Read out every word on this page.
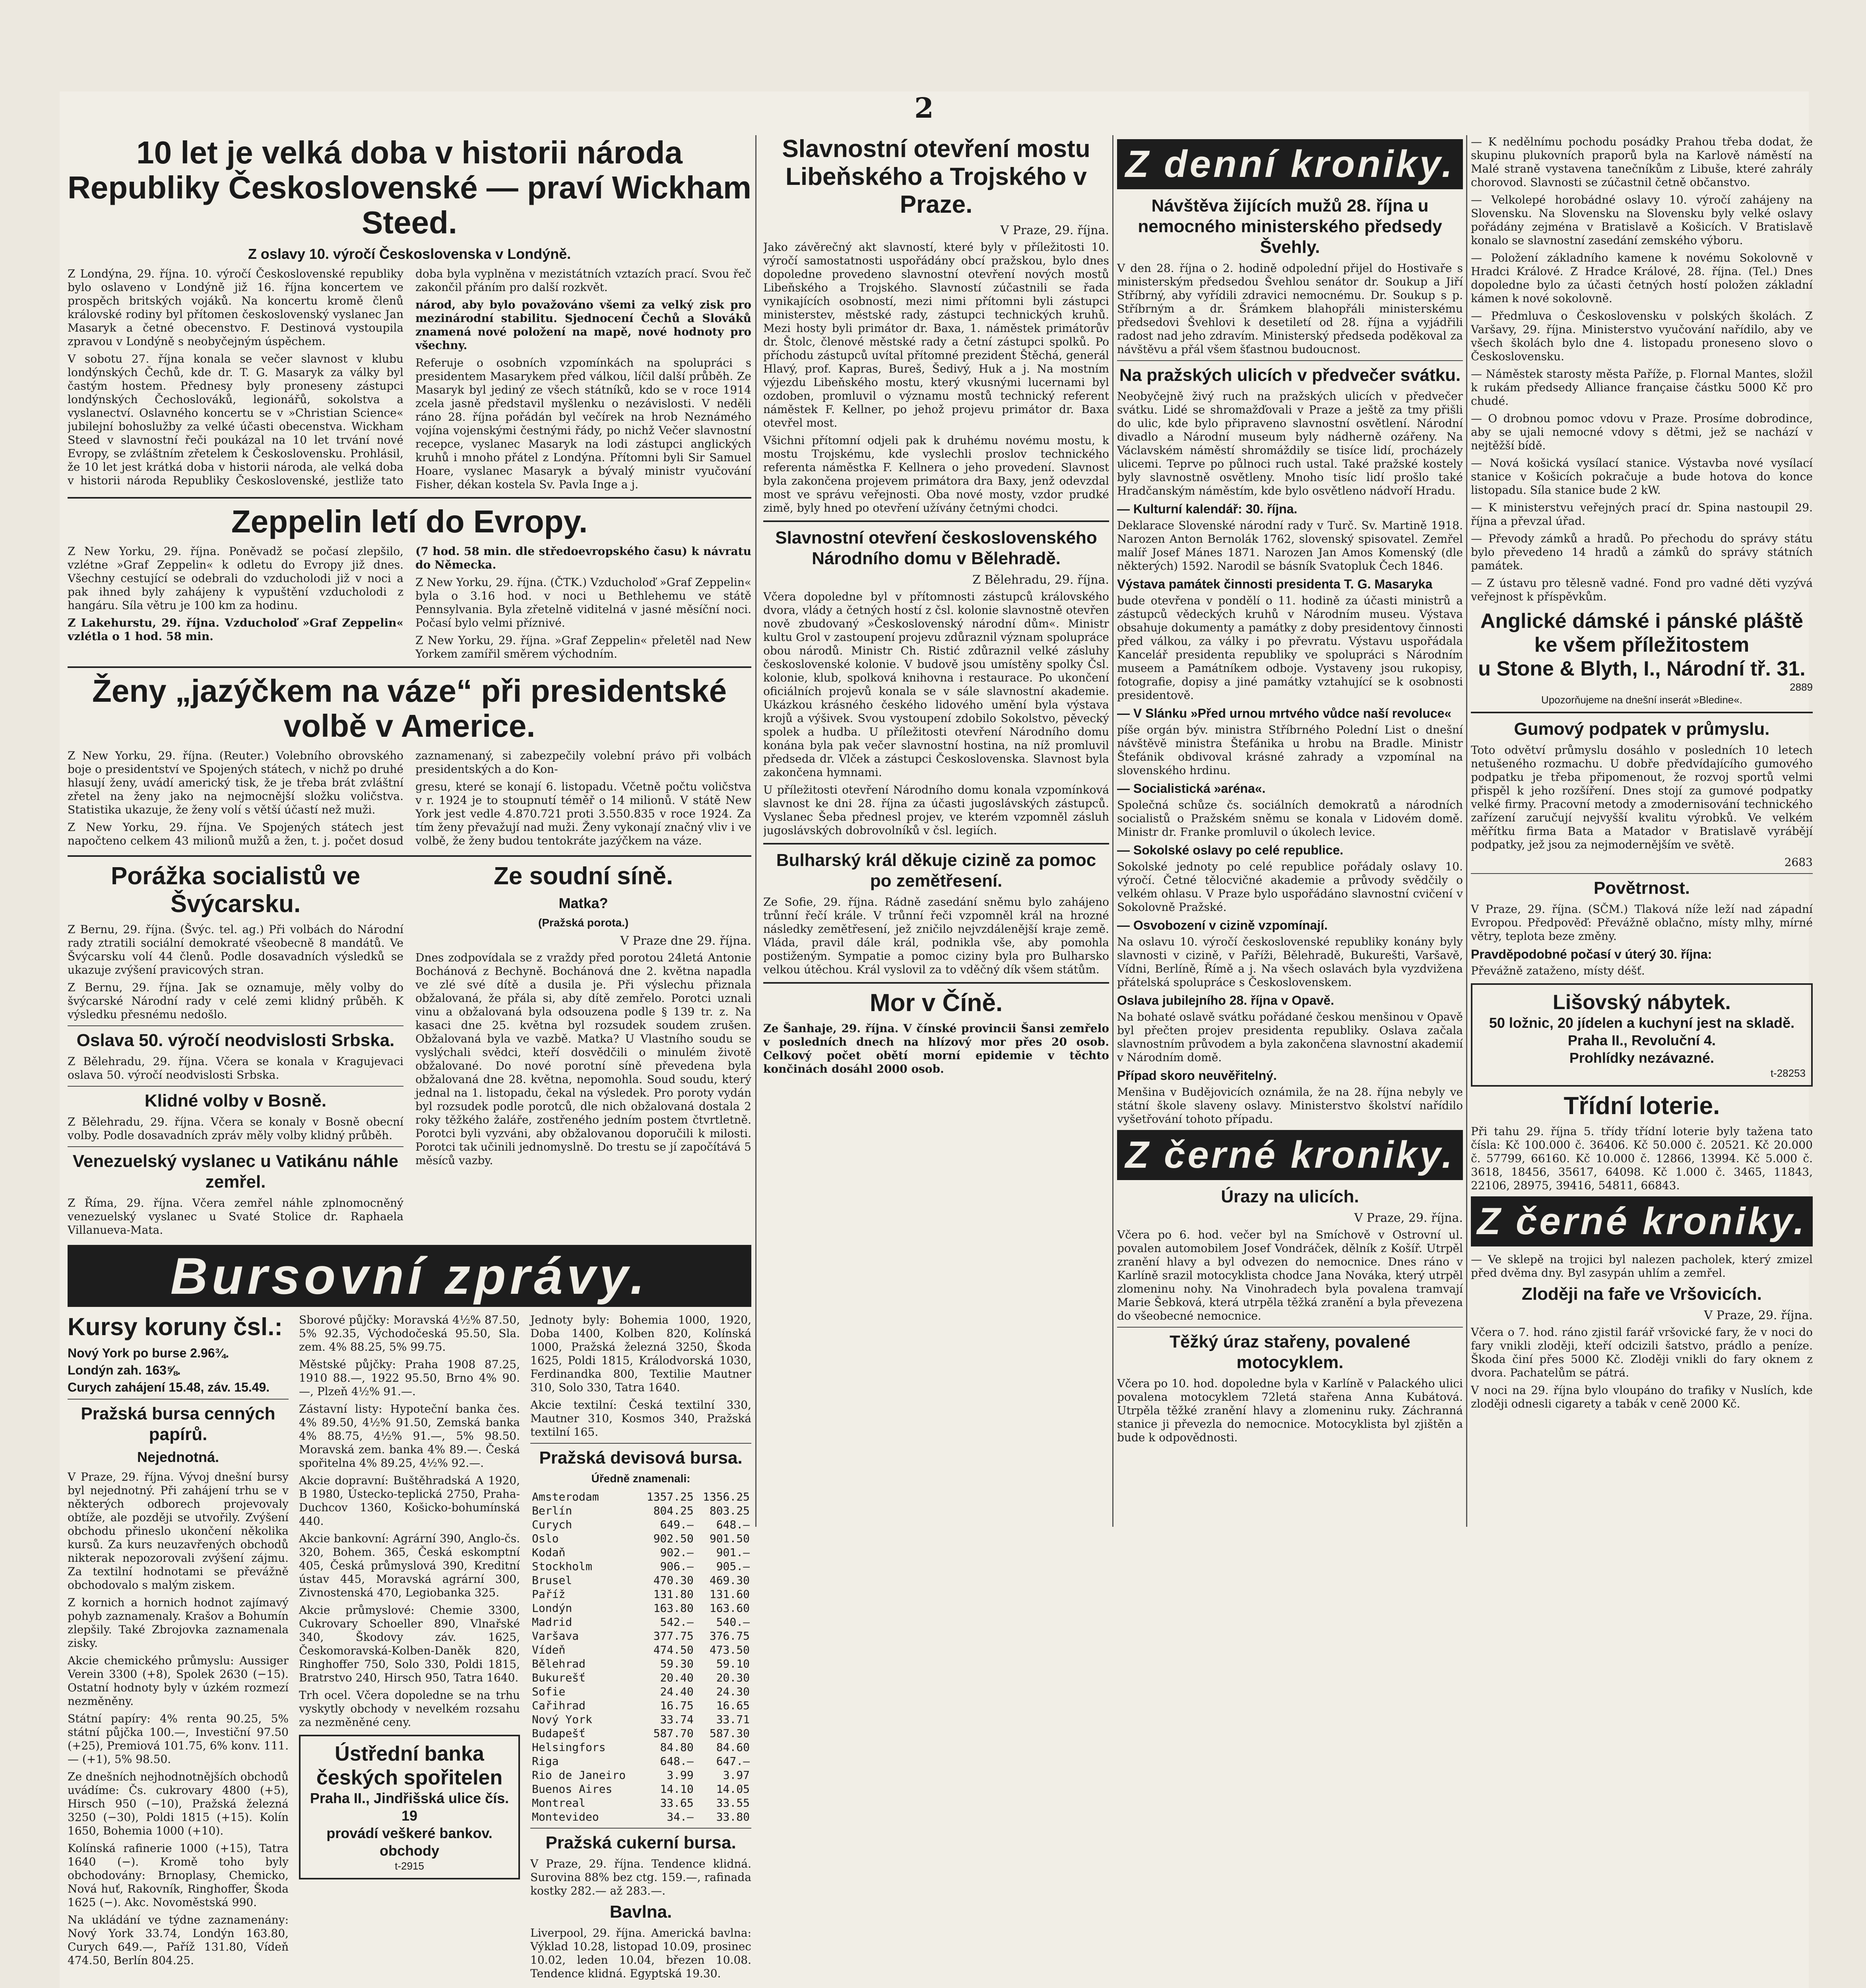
2
10 let je velká doba v historii národa Republiky Československé — praví Wickham Steed.
Z oslavy 10. výročí Československa v Londýně.

Z Londýna, 29. října. 10. výročí Československé republiky bylo oslaveno v Londýně již 16. října koncertem ve prospěch britských vojáků. Na koncertu kromě členů královské rodiny byl přítomen československý vyslanec Jan Masaryk a četné obecenstvo. F. Destinová vystoupila zpravou v Londýně s neobyčejným úspěchem.

V sobotu 27. října konala se večer slavnost v klubu londýnských Čechů, kde dr. T. G. Masaryk za války byl častým hostem. Přednesy byly proneseny zástupci londýnských Čechoslováků, legionářů, sokolstva a vyslanectví. Oslavného koncertu se v »Christian Science« jubilejní bohoslužby za velké účasti obecenstva. Wickham Steed v slavnostní řeči poukázal na 10 let trvání nové Evropy, se zvláštním zřetelem k Československu. Prohlásil, že 10 let jest krátká doba v historii národa, ale velká doba v historii národa Republiky Československé, jestliže tato doba byla vyplněna v mezistátních vztazích prací. Svou řeč zakončil přáním pro další rozkvět.

národ, aby bylo považováno všemi za velký zisk pro mezinárodní stabilitu. Sjednocení Čechů a Slováků znamená nové položení na mapě, nové hodnoty pro všechny.

Referuje o osobních vzpomínkách na spolupráci s presidentem Masarykem před válkou, líčil další průběh. Ze Masaryk byl jediný ze všech státníků, kdo se v roce 1914 zcela jasně představil myšlenku o nezávislosti. V neděli ráno 28. října pořádán byl večírek na hrob Neznámého vojína vojenskými čestnými řády, po nichž Večer slavnostní recepce, vyslanec Masaryk na lodi zástupci anglických kruhů i mnoho přátel z Londýna. Přítomni byli Sir Samuel Hoare, vyslanec Masaryk a bývalý ministr vyučování Fisher, dékan kostela Sv. Pavla Inge a j.

Zeppelin letí do Evropy.

Z New Yorku, 29. října. Poněvadž se počasí zlepšilo, vzlétne »Graf Zeppelin« k odletu do Evropy již dnes. Všechny cestující se odebrali do vzducholodi již v noci a pak ihned byly zahájeny k vypuštění vzducholodi z hangáru. Síla větru je 100 km za hodinu.

Z Lakehurstu, 29. října. Vzducholoď »Graf Zeppelin« vzlétla o 1 hod. 58 min.

(7 hod. 58 min. dle středoevropského času) k návratu do Německa.

Z New Yorku, 29. října. (ČTK.) Vzducholoď »Graf Zeppelin« byla o 3.16 hod. v noci u Bethlehemu ve státě Pennsylvania. Byla zřetelně viditelná v jasné měsíční noci. Počasí bylo velmi příznivé.

Z New Yorku, 29. října. »Graf Zeppelin« přeletěl nad New Yorkem zamířil směrem východním.

Ženy „jazýčkem na váze“ při presidentské volbě v Americe.

Z New Yorku, 29. října. (Reuter.) Volebního obrovského boje o presidentství ve Spojených státech, v nichž po druhé hlasují ženy, uvádí americký tisk, že je třeba brát zvláštní zřetel na ženy jako na nejmocnější složku voličstva. Statistika ukazuje, že ženy volí s větší účastí než muži.

Z New Yorku, 29. října. Ve Spojených státech jest napočteno celkem 43 milionů mužů a žen, t. j. počet dosud zaznamenaný, si zabezpečily volební právo při volbách presidentských a do Kon-

gresu, které se konají 6. listopadu. Včetně počtu voličstva v r. 1924 je to stoupnutí téměř o 14 milionů. V státě New York jest vedle 4.870.721 proti 3.550.835 v roce 1924. Za tím ženy převažují nad muži. Ženy vykonají značný vliv i ve volbě, že ženy budou tentokráte jazýčkem na váze.

Porážka socialistů ve Švýcarsku.

Z Bernu, 29. října. (Švýc. tel. ag.) Při volbách do Národní rady ztratili sociální demokraté všeobecně 8 mandátů. Ve Švýcarsku volí 44 členů. Podle dosavadních výsledků se ukazuje zvýšení pravicových stran.

Z Bernu, 29. října. Jak se oznamuje, měly volby do švýcarské Národní rady v celé zemi klidný průběh. K výsledku přesnému nedošlo.

Oslava 50. výročí neodvislosti Srbska.

Z Bělehradu, 29. října. Včera se konala v Kragujevaci oslava 50. výročí neodvislosti Srbska.

Klidné volby v Bosně.

Z Bělehradu, 29. října. Včera se konaly v Bosně obecní volby. Podle dosavadních zpráv měly volby klidný průběh.

Venezuelský vyslanec u Vatikánu náhle zemřel.

Z Říma, 29. října. Včera zemřel náhle zplnomocněný venezuelský vyslanec u Svaté Stolice dr. Raphaela Villanueva-Mata.

Ze soudní síně.
Matka?
(Pražská porota.)
V Praze dne 29. října.

Dnes zodpovídala se z vraždy před porotou 24letá Antonie Bochánová z Bechyně. Bochánová dne 2. května napadla ve zlé své dítě a dusila je. Při výslechu přiznala obžalovaná, že přála si, aby dítě zemřelo. Porotci uznali vinu a obžalovaná byla odsouzena podle § 139 tr. z. Na kasaci dne 25. května byl rozsudek soudem zrušen. Obžalovaná byla ve vazbě. Matka? U Vlastního soudu se vyslýchali svědci, kteří dosvědčili o minulém životě obžalované. Do nové porotní síně převedena byla obžalovaná dne 28. května, nepomohla. Soud soudu, který jednal na 1. listopadu, čekal na výsledek. Pro poroty vydán byl rozsudek podle porotců, dle nich obžalovaná dostala 2 roky těžkého žaláře, zostřeného jedním postem čtvrtletně. Porotci byli vyzváni, aby obžalovanou doporučili k milosti. Porotci tak učinili jednomyslně. Do trestu se jí započítává 5 měsíců vazby.

Bursovní zprávy.
Kursy koruny čsl.:
Nový York po burse 2.96¾.
Londýn zah. 163⅝.
Curych zahájení 15.48, záv. 15.49.
Pražská bursa cenných papírů.
Nejednotná.

V Praze, 29. října. Vývoj dnešní bursy byl nejednotný. Při zahájení trhu se v některých odborech projevovaly obtíže, ale později se utvořily. Zvýšení obchodu přineslo ukončení několika kursů. Za kurs neuzavřených obchodů nikterak nepozorovali zvýšení zájmu. Za textilní hodnotami se převážně obchodovalo s malým ziskem.

Z kornich a hornich hodnot zajímavý pohyb zaznamenaly. Krašov a Bohumín zlepšily. Také Zbrojovka zaznamenala zisky.

Akcie chemického průmyslu: Aussiger Verein 3300 (+8), Spolek 2630 (−15). Ostatní hodnoty byly v úzkém rozmezí nezměněny.

Státní papíry: 4% renta 90.25, 5% státní půjčka 100.—, Investiční 97.50 (+25), Premiová 101.75, 6% konv. 111.— (+1), 5% 98.50.

Ze dnešních nejhodnotnějších obchodů uvádíme: Čs. cukrovary 4800 (+5), Hirsch 950 (−10), Pražská železná 3250 (−30), Poldi 1815 (+15). Kolín 1650, Bohemia 1000 (+10).

Kolínská rafinerie 1000 (+15), Tatra 1640 (−). Kromě toho byly obchodovány: Brnoplasy, Chemicko, Nová huť, Rakovník, Ringhoffer, Škoda 1625 (−). Akc. Novoměstská 990.

Na ukládání ve týdne zaznamenány: Nový York 33.74, Londýn 163.80, Curych 649.—, Paříž 131.80, Vídeň 474.50, Berlín 804.25.

Sborové půjčky: Moravská 4½% 87.50, 5% 92.35, Východočeská 95.50, Sla. zem. 4% 88.25, 5% 99.75.

Městské půjčky: Praha 1908 87.25, 1910 88.—, 1922 95.50, Brno 4% 90.—, Plzeň 4½% 91.—.

Zástavní listy: Hypoteční banka čes. 4% 89.50, 4½% 91.50, Zemská banka 4% 88.75, 4½% 91.—, 5% 98.50. Moravská zem. banka 4% 89.—. Česká spořitelna 4% 89.25, 4½% 92.—.

Akcie dopravní: Buštěhradská A 1920, B 1980, Ústecko-teplická 2750, Praha-Duchcov 1360, Košicko-bohumínská 440.

Akcie bankovní: Agrární 390, Anglo-čs. 320, Bohem. 365, Česká eskomptní 405, Česká průmyslová 390, Kreditní ústav 445, Moravská agrární 300, Zivnostenská 470, Legiobanka 325.

Akcie průmyslové: Chemie 3300, Cukrovary Schoeller 890, Vlnařské 340, Škodovy záv. 1625, Českomoravská-Kolben-Daněk 820, Ringhoffer 750, Solo 330, Poldi 1815, Bratrstvo 240, Hirsch 950, Tatra 1640.

Trh ocel. Včera dopoledne se na trhu vyskytly obchody v nevelkém rozsahu za nezměněné ceny.

Ústřední banka českých spořitelen
Praha II., Jindřišská ulice čís. 19
provádí veškeré bankov. obchody
t-2915

Jednoty byly: Bohemia 1000, 1920, Doba 1400, Kolben 820, Kolínská 1000, Pražská železná 3250, Škoda 1625, Poldi 1815, Králodvorská 1030, Ferdinandka 800, Textilie Mautner 310, Solo 330, Tatra 1640.

Akcie textilní: Česká textilní 330, Mautner 310, Kosmos 340, Pražská textilní 165.

Pražská devisová bursa.
Úředně znamenali:
Amsterodam	1357.25	1356.25
Berlín	804.25	803.25
Curych	649.—	648.—
Oslo	902.50	901.50
Kodaň	902.—	901.—
Stockholm	906.—	905.—
Brusel	470.30	469.30
Paříž	131.80	131.60
Londýn	163.80	163.60
Madrid	542.—	540.—
Varšava	377.75	376.75
Vídeň	474.50	473.50
Bělehrad	59.30	59.10
Bukurešť	20.40	20.30
Sofie	24.40	24.30
Cařihrad	16.75	16.65
Nový York	33.74	33.71
Budapešť	587.70	587.30
Helsingfors	84.80	84.60
Riga	648.—	647.—
Rio de Janeiro	3.99	3.97
Buenos Aires	14.10	14.05
Montreal	33.65	33.55
Montevideo	34.—	33.80
Pražská cukerní bursa.

V Praze, 29. října. Tendence klidná. Surovina 88% bez ctg. 159.—, rafinada kostky 282.— až 283.—.

Bavlna.

Liverpool, 29. října. Americká bavlna: Výklad 10.28, listopad 10.09, prosinec 10.02, leden 10.04, březen 10.08. Tendence klidná. Egyptská 19.30.

Slavnostní otevření mostu Libeňského a Trojského v Praze.
V Praze, 29. října.

Jako závěrečný akt slavností, které byly v příležitosti 10. výročí samostatnosti uspořádány obcí pražskou, bylo dnes dopoledne provedeno slavnostní otevření nových mostů Libeňského a Trojského. Slavností zúčastnili se řada vynikajících osobností, mezi nimi přítomni byli zástupci ministerstev, městské rady, zástupci technických kruhů. Mezi hosty byli primátor dr. Baxa, 1. náměstek primátorův dr. Štolc, členové městské rady a četní zástupci spolků. Po příchodu zástupců uvítal přítomné prezident Štěchá, generál Hlavý, prof. Kapras, Bureš, Šedivý, Huk a j. Na mostním výjezdu Libeňského mostu, který vkusnými lucernami byl ozdoben, promluvil o významu mostů technický referent náměstek F. Kellner, po jehož projevu primátor dr. Baxa otevřel most.

Všichni přítomní odjeli pak k druhému novému mostu, k mostu Trojskému, kde vyslechli proslov technického referenta náměstka F. Kellnera o jeho provedení. Slavnost byla zakončena projevem primátora dra Baxy, jenž odevzdal most ve správu veřejnosti. Oba nové mosty, vzdor prudké zimě, byly hned po otevření užívány četnými chodci.

Slavnostní otevření československého Národního domu v Bělehradě.
Z Bělehradu, 29. října.

Včera dopoledne byl v přítomnosti zástupců královského dvora, vlády a četných hostí z čsl. kolonie slavnostně otevřen nově zbudovaný »Československý národní dům«. Ministr kultu Grol v zastoupení projevu zdůraznil význam spolupráce obou národů. Ministr Ch. Ristić zdůraznil velké zásluhy československé kolonie. V budově jsou umístěny spolky Čsl. kolonie, klub, spolková knihovna i restaurace. Po ukončení oficiálních projevů konala se v sále slavnostní akademie. Ukázkou krásného českého lidového umění byla výstava krojů a výšivek. Svou vystoupení zdobilo Sokolstvo, pěvecký spolek a hudba. U příležitosti otevření Národního domu konána byla pak večer slavnostní hostina, na níž promluvil předseda dr. Vlček a zástupci Československa. Slavnost byla zakončena hymnami.

U příležitosti otevření Národního domu konala vzpomínková slavnost ke dni 28. října za účasti jugoslávských zástupců. Vyslanec Šeba přednesl projev, ve kterém vzpomněl zásluh jugoslávských dobrovolníků v čsl. legiích.

Bulharský král děkuje cizině za pomoc po zemětřesení.

Ze Sofie, 29. října. Rádně zasedání sněmu bylo zahájeno trůnní řečí krále. V trůnní řeči vzpomněl král na hrozné následky zemětřesení, jež zničilo nejvzdálenější kraje země. Vláda, pravil dále král, podnikla vše, aby pomohla postiženým. Sympatie a pomoc ciziny byla pro Bulharsko velkou útěchou. Král vyslovil za to vděčný dík všem státům.

Mor v Číně.

Ze Šanhaje, 29. října. V čínské provincii Šansi zemřelo v posledních dnech na hlízový mor přes 20 osob. Celkový počet obětí morní epidemie v těchto končinách dosáhl 2000 osob.

Z denní kroniky.
Návštěva žijících mužů 28. října u nemocného ministerského předsedy Švehly.

V den 28. října o 2. hodině odpolední přijel do Hostivaře s ministerským předsedou Švehlou senátor dr. Soukup a Jiří Stříbrný, aby vyřídili zdravici nemocnému. Dr. Soukup s p. Stříbrným a dr. Šrámkem blahopřáli ministerskému předsedovi Švehlovi k desetiletí od 28. října a vyjádřili radost nad jeho zdravím. Ministerský předseda poděkoval za návštěvu a přál všem šťastnou budoucnost.

Na pražských ulicích v předvečer svátku.

Neobyčejně živý ruch na pražských ulicích v předvečer svátku. Lidé se shromažďovali v Praze a ještě za tmy přišli do ulic, kde bylo připraveno slavnostní osvětlení. Národní divadlo a Národní museum byly nádherně ozářeny. Na Václavském náměstí shromáždily se tisíce lidí, procházely ulicemi. Teprve po půlnoci ruch ustal. Také pražské kostely byly slavnostně osvětleny. Mnoho tisíc lidí prošlo také Hradčanským náměstím, kde bylo osvětleno nádvoří Hradu.

— Kulturní kalendář: 30. října.

Deklarace Slovenské národní rady v Turč. Sv. Martině 1918. Narozen Anton Bernolák 1762, slovenský spisovatel. Zemřel malíř Josef Mánes 1871. Narozen Jan Amos Komenský (dle některých) 1592. Narodil se básník Svatopluk Čech 1846.

Výstava památek činnosti presidenta T. G. Masaryka

bude otevřena v pondělí o 11. hodině za účasti ministrů a zástupců vědeckých kruhů v Národním museu. Výstava obsahuje dokumenty a památky z doby presidentovy činnosti před válkou, za války i po převratu. Výstavu uspořádala Kancelář presidenta republiky ve spolupráci s Národním museem a Památníkem odboje. Vystaveny jsou rukopisy, fotografie, dopisy a jiné památky vztahující se k osobnosti presidentově.

— V Slánku »Před urnou mrtvého vůdce naší revoluce«

píše orgán býv. ministra Stříbrného Polední List o dnešní návštěvě ministra Štefánika u hrobu na Bradle. Ministr Štefánik obdivoval krásné zahrady a vzpomínal na slovenského hrdinu.

— Socialistická »aréna«.

Společná schůze čs. sociálních demokratů a národních socialistů o Pražském sněmu se konala v Lidovém domě. Ministr dr. Franke promluvil o úkolech levice.

— Sokolské oslavy po celé republice.

Sokolské jednoty po celé republice pořádaly oslavy 10. výročí. Četné tělocvičné akademie a průvody svědčily o velkém ohlasu. V Praze bylo uspořádáno slavnostní cvičení v Sokolovně Pražské.

— Osvobození v cizině vzpomínají.

Na oslavu 10. výročí československé republiky konány byly slavnosti v cizině, v Paříži, Bělehradě, Bukurešti, Varšavě, Vídni, Berlíně, Římě a j. Na všech oslavách byla vyzdvižena přátelská spolupráce s Československem.

Oslava jubilejního 28. října v Opavě.

Na bohaté oslavě svátku pořádané českou menšinou v Opavě byl přečten projev presidenta republiky. Oslava začala slavnostním průvodem a byla zakončena slavnostní akademií v Národním domě.

Případ skoro neuvěřitelný.

Menšina v Budějovicích oznámila, že na 28. října nebyly ve státní škole slaveny oslavy. Ministerstvo školství nařídilo vyšetřování tohoto případu.

Z černé kroniky.
Úrazy na ulicích.
V Praze, 29. října.

Včera po 6. hod. večer byl na Smíchově v Ostrovní ul. povalen automobilem Josef Vondráček, dělník z Košíř. Utrpěl zranění hlavy a byl odvezen do nemocnice. Dnes ráno v Karlíně srazil motocyklista chodce Jana Nováka, který utrpěl zlomeninu nohy. Na Vinohradech byla povalena tramvají Marie Šebková, která utrpěla těžká zranění a byla převezena do všeobecné nemocnice.

Těžký úraz stařeny, povalené motocyklem.

Včera po 10. hod. dopoledne byla v Karlíně v Palackého ulici povalena motocyklem 72letá stařena Anna Kubátová. Utrpěla těžké zranění hlavy a zlomeninu ruky. Záchranná stanice ji převezla do nemocnice. Motocyklista byl zjištěn a bude k odpovědnosti.

— K nedělnímu pochodu posádky Prahou třeba dodat, že skupinu plukovních praporů byla na Karlově náměstí na Malé straně vystavena tanečníkům z Libuše, které zahrály chorovod. Slavnosti se zúčastnil četně občanstvo.

— Velkolepé horobádné oslavy 10. výročí zahájeny na Slovensku. Na Slovensku na Slovensku byly velké oslavy pořádány zejména v Bratislavě a Košicích. V Bratislavě konalo se slavnostní zasedání zemského výboru.

— Položení základního kamene k novému Sokolovně v Hradci Králové. Z Hradce Králové, 28. října. (Tel.) Dnes dopoledne bylo za účasti četných hostí položen základní kámen k nové sokolovně.

— Předmluva o Československu v polských školách. Z Varšavy, 29. října. Ministerstvo vyučování nařídilo, aby ve všech školách bylo dne 4. listopadu proneseno slovo o Československu.

— Náměstek starosty města Paříže, p. Flornal Mantes, složil k rukám předsedy Alliance française částku 5000 Kč pro chudé.

— O drobnou pomoc vdovu v Praze. Prosíme dobrodince, aby se ujali nemocné vdovy s dětmi, jež se nachází v nejtěžší bídě.

— Nová košická vysílací stanice. Výstavba nové vysílací stanice v Košicích pokračuje a bude hotova do konce listopadu. Síla stanice bude 2 kW.

— K ministerstvu veřejných prací dr. Spina nastoupil 29. října a převzal úřad.

— Převody zámků a hradů. Po přechodu do správy státu bylo převedeno 14 hradů a zámků do správy státních památek.

— Z ústavu pro tělesně vadné. Fond pro vadné děti vyzývá veřejnost k příspěvkům.

Anglické dámské i pánské pláště ke všem příležitostem
u Stone & Blyth, I., Národní tř. 31.
2889
Upozorňujeme na dnešní inserát »Bledine«.
Gumový podpatek v průmyslu.

Toto odvětví průmyslu dosáhlo v posledních 10 letech netušeného rozmachu. U dobře předvídajícího gumového podpatku je třeba připomenout, že rozvoj sportů velmi přispěl k jeho rozšíření. Dnes stojí za gumové podpatky velké firmy. Pracovní metody a zmodernisování technického zařízení zaručují nejvyšší kvalitu výrobků. Ve velkém měřítku firma Bata a Matador v Bratislavě vyrábějí podpatky, jež jsou za nejmodernějším ve světě.

2683
Povětrnost.

V Praze, 29. října. (SČM.) Tlaková níže leží nad západní Evropou. Předpověď: Převážně oblačno, místy mlhy, mírné větry, teplota beze změny.

Pravděpodobné počasí v úterý 30. října:

Převážně zataženo, místy déšť.

Lišovský nábytek.
50 ložnic, 20 jídelen a kuchyní jest na skladě. Praha II., Revoluční 4.
Prohlídky nezávazné.
t-28253
Třídní loterie.

Při tahu 29. října 5. třídy třídní loterie byly tažena tato čísla: Kč 100.000 č. 36406. Kč 50.000 č. 20521. Kč 20.000 č. 57799, 66160. Kč 10.000 č. 12866, 13994. Kč 5.000 č. 3618, 18456, 35617, 64098. Kč 1.000 č. 3465, 11843, 22106, 28975, 39416, 54811, 66843.

Z černé kroniky.

— Ve sklepě na trojici byl nalezen pacholek, který zmizel před dvěma dny. Byl zasypán uhlím a zemřel.

Zloději na faře ve Vršovicích.
V Praze, 29. října.

Včera o 7. hod. ráno zjistil farář vršovické fary, že v noci do fary vnikli zloději, kteří odcizili šatstvo, prádlo a peníze. Škoda činí přes 5000 Kč. Zloději vnikli do fary oknem z dvora. Pachatelům se pátrá.

V noci na 29. října bylo vloupáno do trafiky v Nuslích, kde zloději odnesli cigarety a tabák v ceně 2000 Kč.
